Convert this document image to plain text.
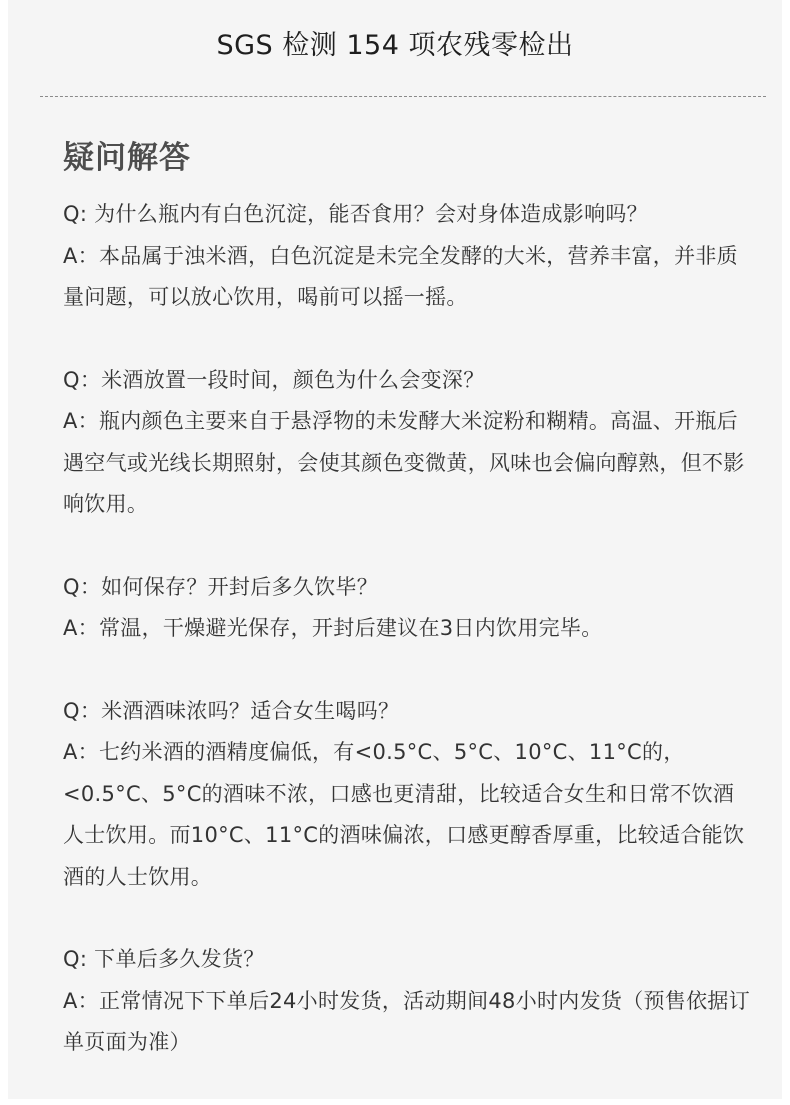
SGS 检测 154 项农残零检出
疑问解答

Q: 为什么瓶内有白色沉淀，能否食用？会对身体造成影响吗？

A：本品属于浊米酒，白色沉淀是未完全发酵的大米，营养丰富，并非质量问题，可以放心饮用，喝前可以摇一摇。

Q：米酒放置一段时间，颜色为什么会变深？

A：瓶内颜色主要来自于悬浮物的未发酵大米淀粉和糊精。高温、开瓶后遇空气或光线长期照射，会使其颜色变微黄，风味也会偏向醇熟，但不影响饮用。

Q：如何保存？开封后多久饮毕？

A：常温，干燥避光保存，开封后建议在3日内饮用完毕。

Q：米酒酒味浓吗？适合女生喝吗？

A：七约米酒的酒精度偏低，有<0.5°C、5°C、10°C、11°C的，<0.5°C、5°C的酒味不浓，口感也更清甜，比较适合女生和日常不饮酒人士饮用。而10°C、11°C的酒味偏浓，口感更醇香厚重，比较适合能饮酒的人士饮用。

Q: 下单后多久发货？

A：正常情况下下单后24小时发货，活动期间48小时内发货（预售依据订单页面为准）
